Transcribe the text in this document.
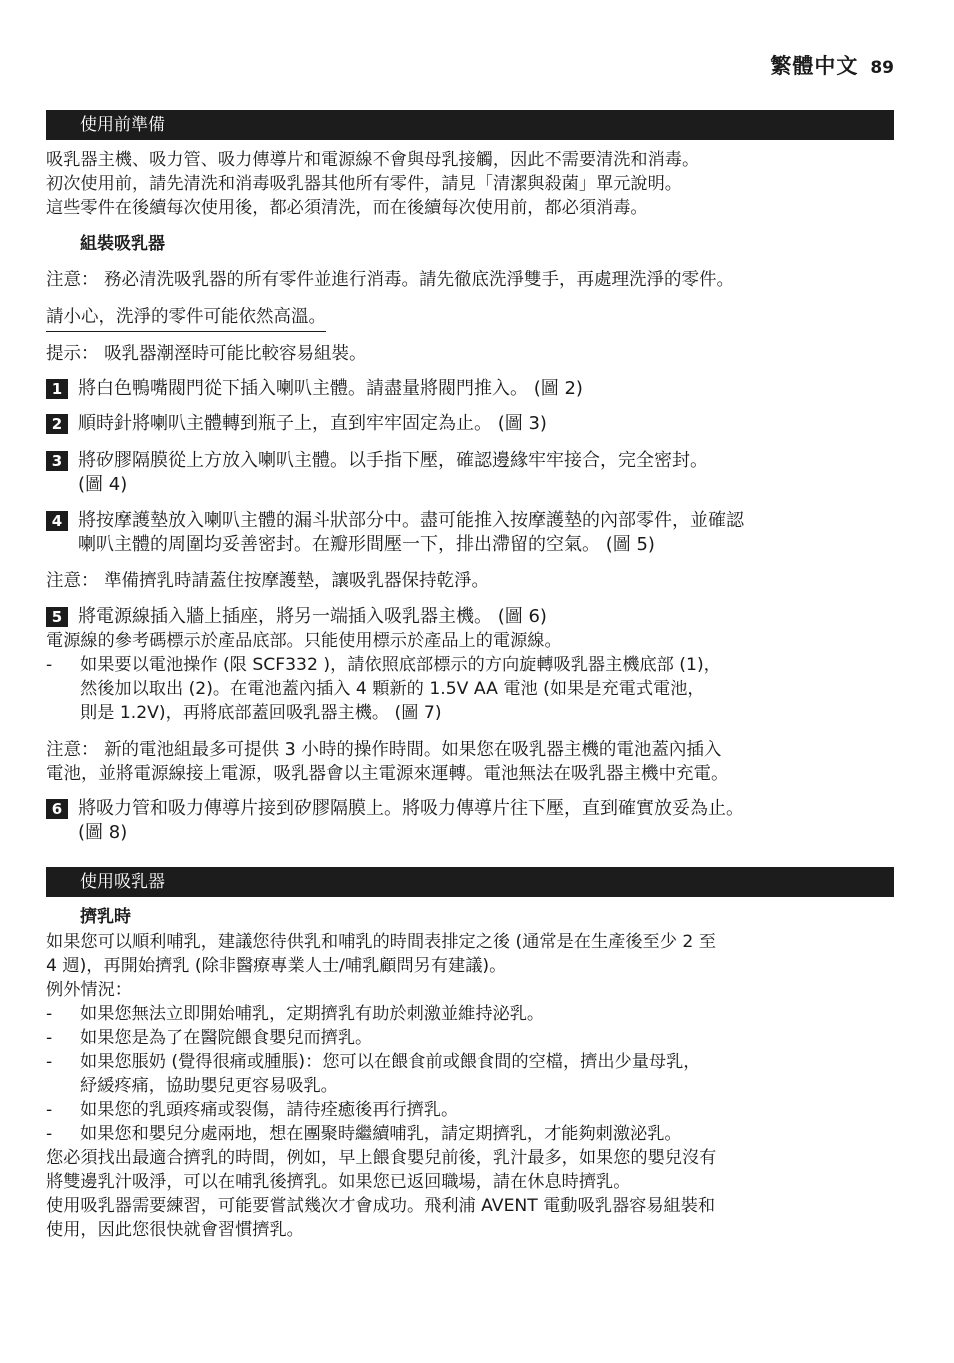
繁體中文 89
使用前準備
吸乳器主機、吸力管、吸力傳導片和電源線不會與母乳接觸，因此不需要清洗和消毒。
初次使用前，請先清洗和消毒吸乳器其他所有零件，請見「清潔與殺菌」單元說明。
這些零件在後續每次使用後，都必須清洗，而在後續每次使用前，都必須消毒。
組裝吸乳器
注意： 務必清洗吸乳器的所有零件並進行消毒。請先徹底洗淨雙手，再處理洗淨的零件。
請小心，洗淨的零件可能依然高溫。
提示： 吸乳器潮溼時可能比較容易組裝。
1 將白色鴨嘴閥門從下插入喇叭主體。請盡量將閥門推入。 (圖 2)
2 順時針將喇叭主體轉到瓶子上，直到牢牢固定為止。 (圖 3)
3 將矽膠隔膜從上方放入喇叭主體。以手指下壓，確認邊緣牢牢接合，完全密封。
(圖 4)
4 將按摩護墊放入喇叭主體的漏斗狀部分中。盡可能推入按摩護墊的內部零件，並確認
喇叭主體的周圍均妥善密封。在瓣形間壓一下，排出滯留的空氣。 (圖 5)
注意： 準備擠乳時請蓋住按摩護墊，讓吸乳器保持乾淨。
5 將電源線插入牆上插座，將另一端插入吸乳器主機。 (圖 6)
電源線的參考碼標示於產品底部。只能使用標示於產品上的電源線。
-	如果要以電池操作 (限 SCF332 )，請依照底部標示的方向旋轉吸乳器主機底部 (1)，
然後加以取出 (2)。在電池蓋內插入 4 顆新的 1.5V AA 電池 (如果是充電式電池，
則是 1.2V)，再將底部蓋回吸乳器主機。 (圖 7)
注意： 新的電池組最多可提供 3 小時的操作時間。如果您在吸乳器主機的電池蓋內插入
電池，並將電源線接上電源，吸乳器會以主電源來運轉。電池無法在吸乳器主機中充電。
6 將吸力管和吸力傳導片接到矽膠隔膜上。將吸力傳導片往下壓，直到確實放妥為止。
(圖 8)
使用吸乳器
擠乳時
如果您可以順利哺乳，建議您待供乳和哺乳的時間表排定之後 (通常是在生產後至少 2 至
4 週)，再開始擠乳 (除非醫療專業人士/哺乳顧問另有建議)。
例外情況：
-	如果您無法立即開始哺乳，定期擠乳有助於刺激並維持泌乳。
-	如果您是為了在醫院餵食嬰兒而擠乳。
-	如果您脹奶 (覺得很痛或腫脹)：您可以在餵食前或餵食間的空檔，擠出少量母乳，
紓緩疼痛，協助嬰兒更容易吸乳。
-	如果您的乳頭疼痛或裂傷，請待痊癒後再行擠乳。
-	如果您和嬰兒分處兩地，想在團聚時繼續哺乳，請定期擠乳，才能夠刺激泌乳。
您必須找出最適合擠乳的時間，例如，早上餵食嬰兒前後，乳汁最多，如果您的嬰兒沒有
將雙邊乳汁吸淨，可以在哺乳後擠乳。如果您已返回職場，請在休息時擠乳。
使用吸乳器需要練習，可能要嘗試幾次才會成功。飛利浦 AVENT 電動吸乳器容易組裝和
使用，因此您很快就會習慣擠乳。
